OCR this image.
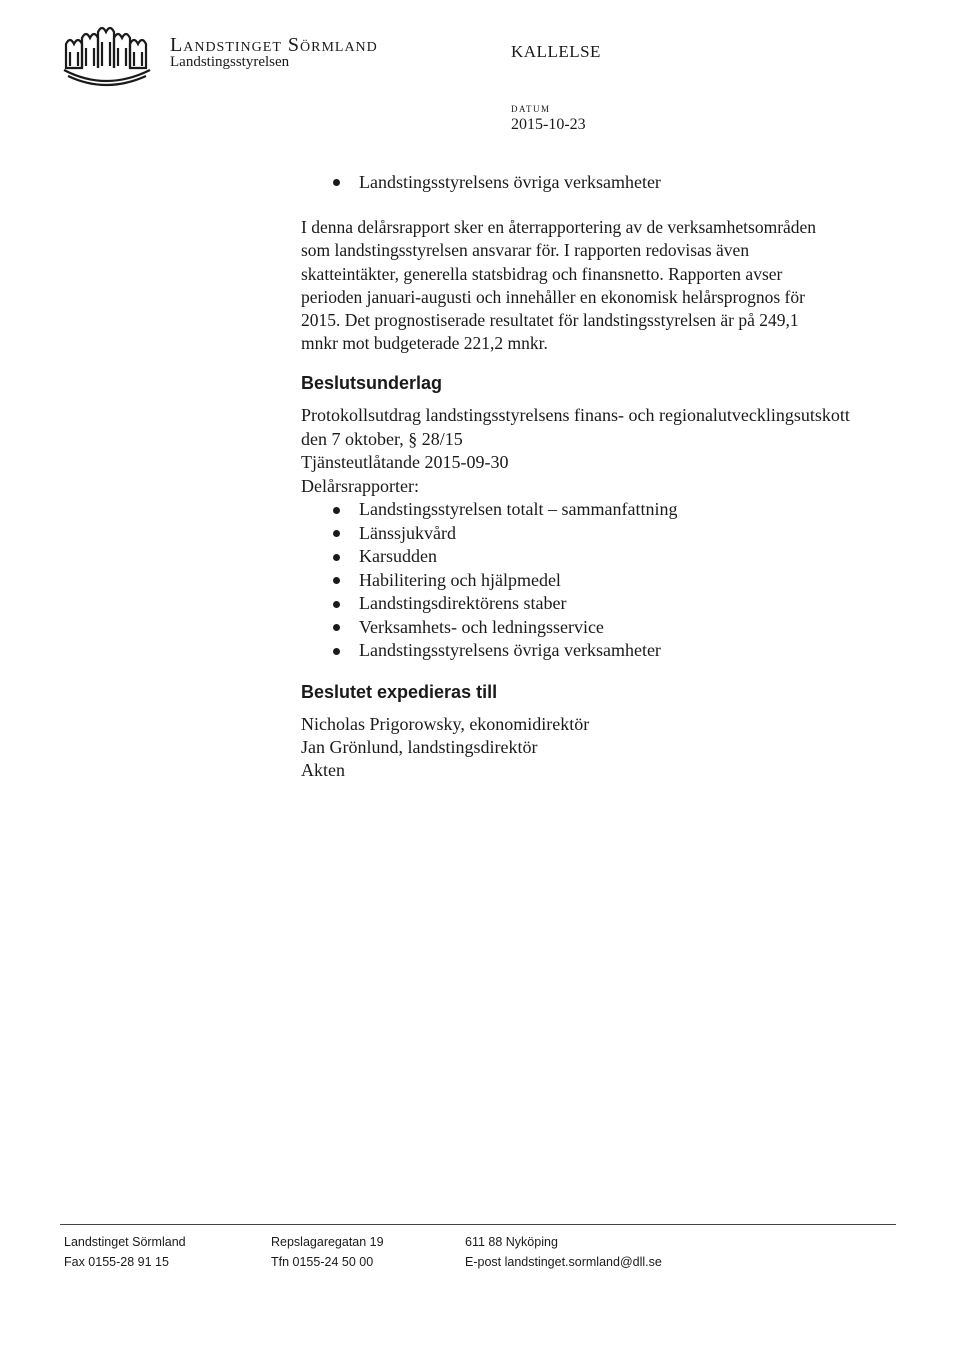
Landstinget Sörmland
Landstingsstyrelsen
KALLELSE
DATUM
2015-10-23
Landstingsstyrelsens övriga verksamheter
I denna delårsrapport sker en återrapportering av de verksamhetsområden
som landstingsstyrelsen ansvarar för. I rapporten redovisas även
skatteintäkter, generella statsbidrag och finansnetto. Rapporten avser
perioden januari-augusti och innehåller en ekonomisk helårsprognos för
2015. Det prognostiserade resultatet för landstingsstyrelsen är på 249,1
mnkr mot budgeterade 221,2 mnkr.
Beslutsunderlag
Protokollsutdrag landstingsstyrelsens finans- och regionalutvecklingsutskott
den 7 oktober, § 28/15
Tjänsteutlåtande 2015-09-30
Delårsrapporter:
Landstingsstyrelsen totalt – sammanfattning
Länssjukvård
Karsudden
Habilitering och hjälpmedel
Landstingsdirektörens staber
Verksamhets- och ledningsservice
Landstingsstyrelsens övriga verksamheter
Beslutet expedieras till
Nicholas Prigorowsky, ekonomidirektör
Jan Grönlund, landstingsdirektör
Akten
Landstinget Sörmland
Fax 0155-28 91 15
Repslagaregatan 19
Tfn 0155-24 50 00
611 88 Nyköping
E-post landstinget.sormland@dll.se
